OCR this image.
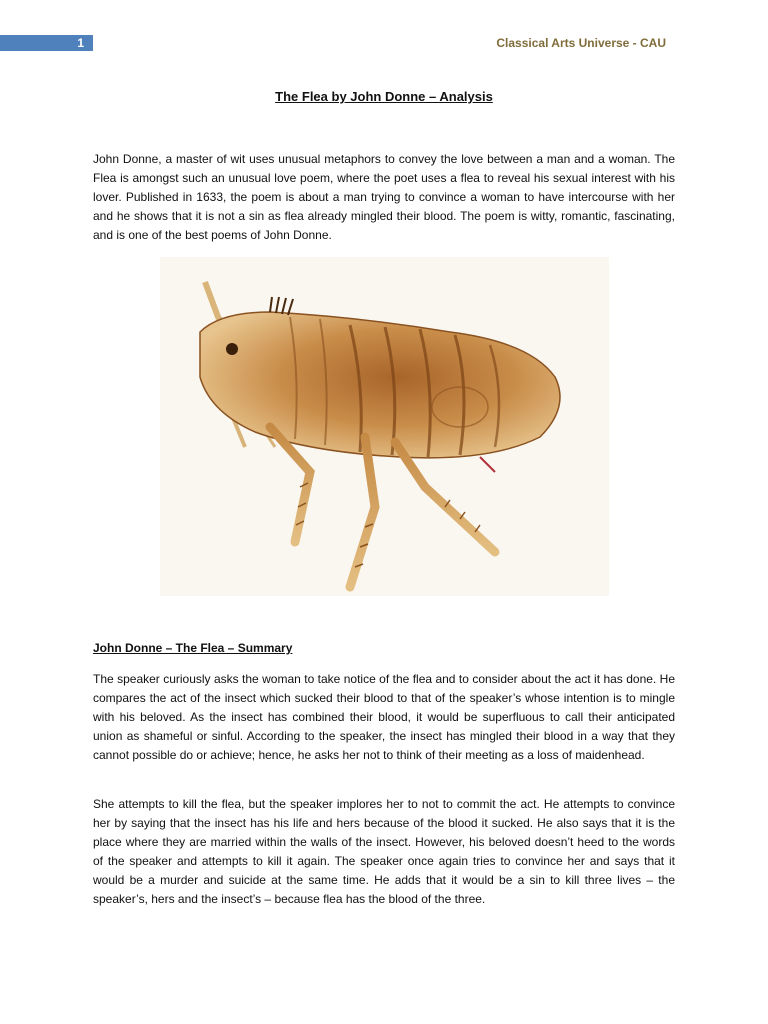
1	Classical Arts Universe - CAU
The Flea by John Donne – Analysis

John Donne, a master of wit uses unusual metaphors to convey the love between a man and a woman. The Flea is amongst such an unusual love poem, where the poet uses a flea to reveal his sexual interest with his lover. Published in 1633, the poem is about a man trying to convince a woman to have intercourse with her and he shows that it is not a sin as flea already mingled their blood. The poem is witty, romantic, fascinating, and is one of the best poems of John Donne.

John Donne – The Flea – Summary

The speaker curiously asks the woman to take notice of the flea and to consider about the act it has done. He compares the act of the insect which sucked their blood to that of the speaker’s whose intention is to mingle with his beloved. As the insect has combined their blood, it would be superfluous to call their anticipated union as shameful or sinful. According to the speaker, the insect has mingled their blood in a way that they cannot possible do or achieve; hence, he asks her not to think of their meeting as a loss of maidenhead.

She attempts to kill the flea, but the speaker implores her to not to commit the act. He attempts to convince her by saying that the insect has his life and hers because of the blood it sucked. He also says that it is the place where they are married within the walls of the insect. However, his beloved doesn’t heed to the words of the speaker and attempts to kill it again. The speaker once again tries to convince her and says that it would be a murder and suicide at the same time. He adds that it would be a sin to kill three lives – the speaker’s, hers and the insect’s – because flea has the blood of the three.
